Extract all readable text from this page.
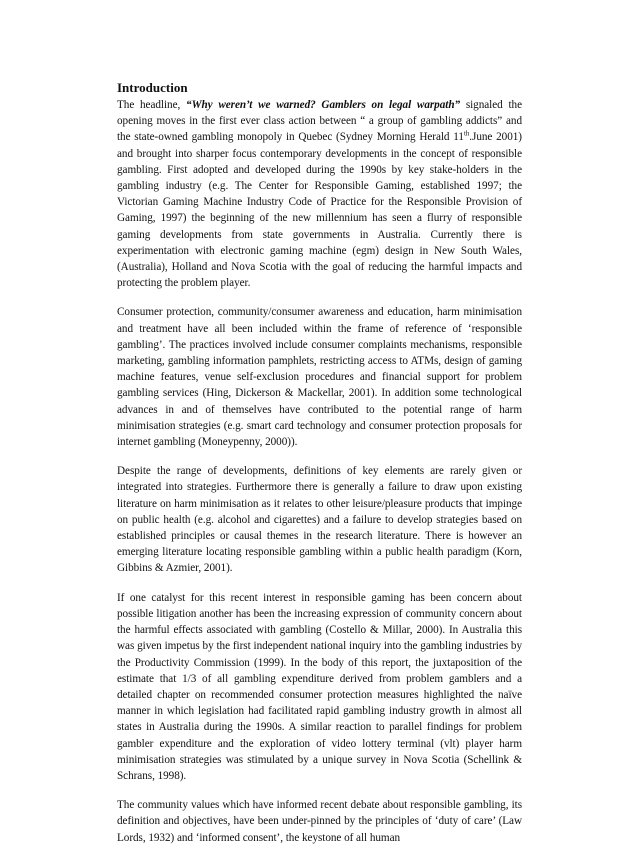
Introduction

The headline, “Why weren’t we warned? Gamblers on legal warpath” signaled the opening moves in the first ever class action between “ a group of gambling addicts” and the state-owned gambling monopoly in Quebec (Sydney Morning Herald 11th.June 2001) and brought into sharper focus contemporary developments in the concept of responsible gambling. First adopted and developed during the 1990s by key stake-holders in the gambling industry (e.g. The Center for Responsible Gaming, established 1997; the Victorian Gaming Machine Industry Code of Practice for the Responsible Provision of Gaming, 1997) the beginning of the new millennium has seen a flurry of responsible gaming developments from state governments in Australia. Currently there is experimentation with electronic gaming machine (egm) design in New South Wales, (Australia), Holland and Nova Scotia with the goal of reducing the harmful impacts and protecting the problem player.

Consumer protection, community/consumer awareness and education, harm minimisation and treatment have all been included within the frame of reference of ‘responsible gambling’. The practices involved include consumer complaints mechanisms, responsible marketing, gambling information pamphlets, restricting access to ATMs, design of gaming machine features, venue self-exclusion procedures and financial support for problem gambling services (Hing, Dickerson & Mackellar, 2001). In addition some technological advances in and of themselves have contributed to the potential range of harm minimisation strategies (e.g. smart card technology and consumer protection proposals for internet gambling (Moneypenny, 2000)).

Despite the range of developments, definitions of key elements are rarely given or integrated into strategies. Furthermore there is generally a failure to draw upon existing literature on harm minimisation as it relates to other leisure/pleasure products that impinge on public health (e.g. alcohol and cigarettes) and a failure to develop strategies based on established principles or causal themes in the research literature. There is however an emerging literature locating responsible gambling within a public health paradigm (Korn, Gibbins & Azmier, 2001).

If one catalyst for this recent interest in responsible gaming has been concern about possible litigation another has been the increasing expression of community concern about the harmful effects associated with gambling (Costello & Millar, 2000). In Australia this was given impetus by the first independent national inquiry into the gambling industries by the Productivity Commission (1999). In the body of this report, the juxtaposition of the estimate that 1/3 of all gambling expenditure derived from problem gamblers and a detailed chapter on recommended consumer protection measures highlighted the naïve manner in which legislation had facilitated rapid gambling industry growth in almost all states in Australia during the 1990s. A similar reaction to parallel findings for problem gambler expenditure and the exploration of video lottery terminal (vlt) player harm minimisation strategies was stimulated by a unique survey in Nova Scotia (Schellink & Schrans, 1998).

The community values which have informed recent debate about responsible gambling, its definition and objectives, have been under-pinned by the principles of ‘duty of care’ (Law Lords, 1932) and ‘informed consent’, the keystone of all human
